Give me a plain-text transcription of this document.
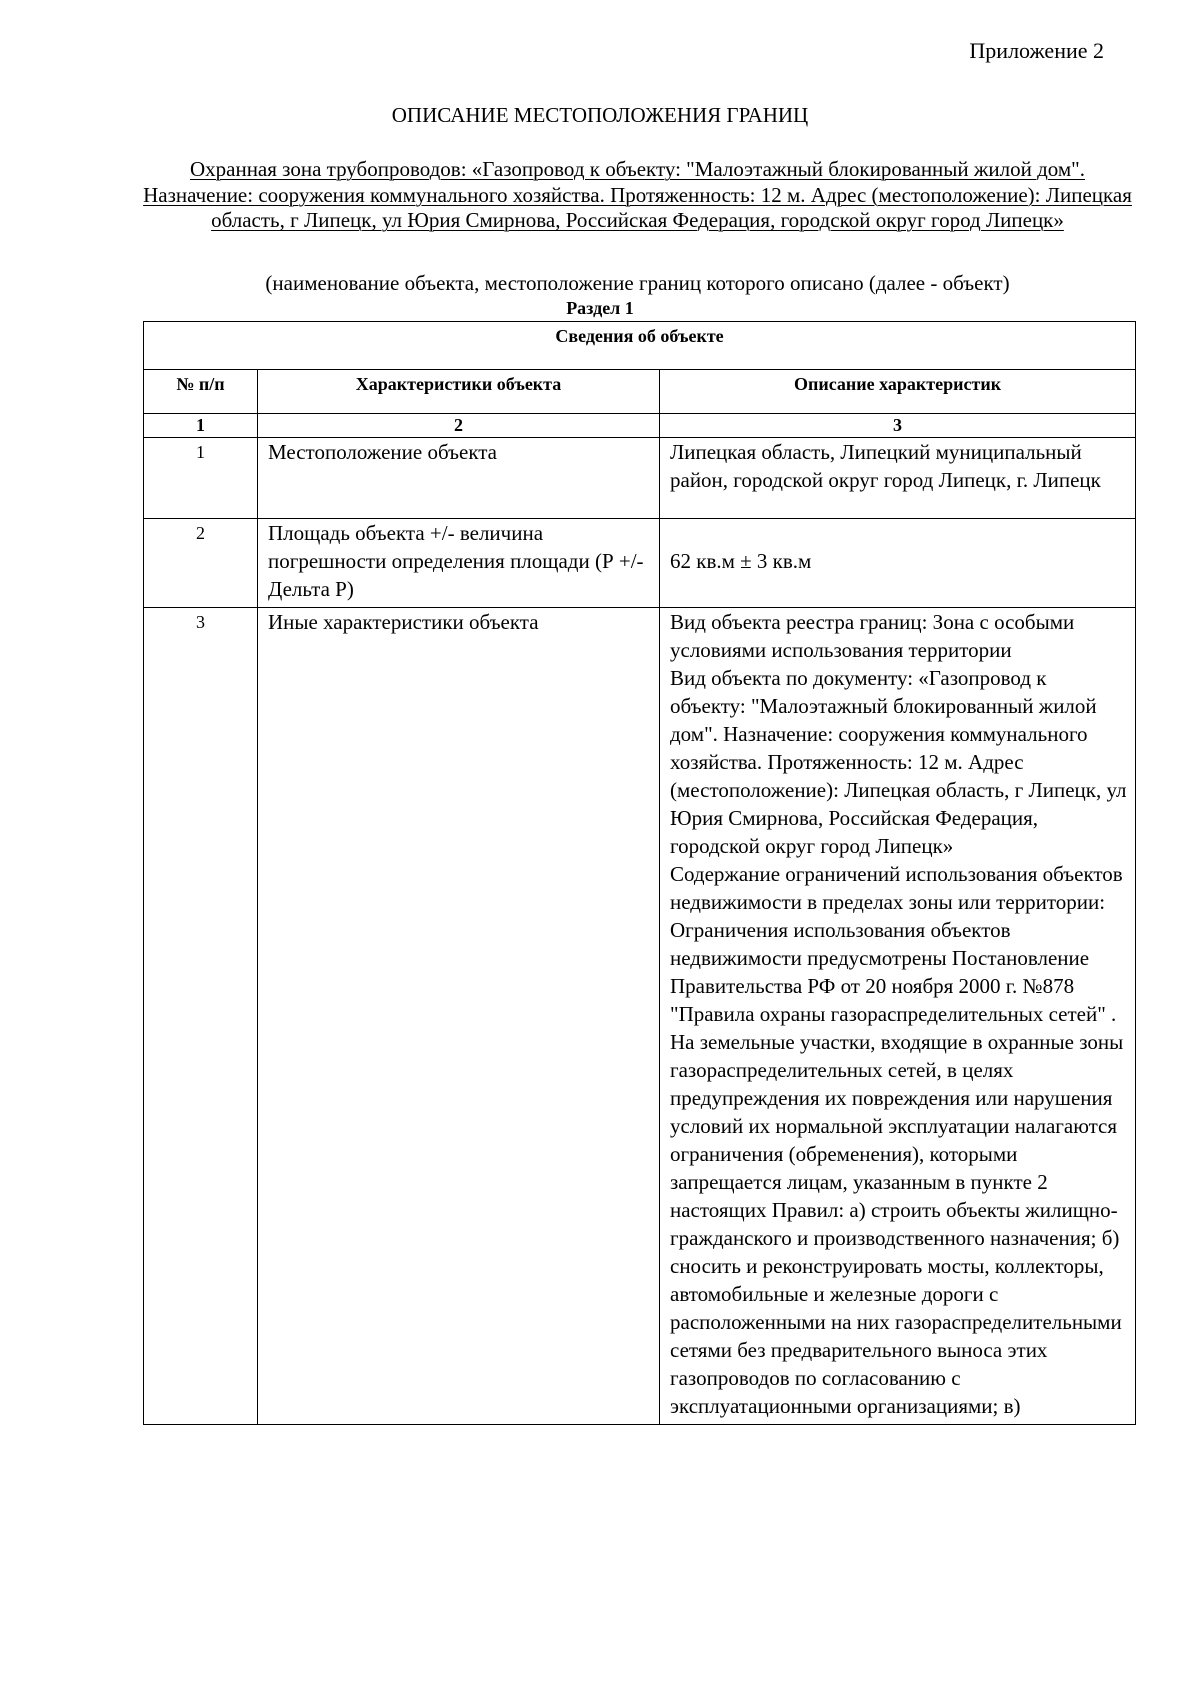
Приложение 2
ОПИСАНИЕ МЕСТОПОЛОЖЕНИЯ ГРАНИЦ
Охранная зона трубопроводов: «Газопровод к объекту: "Малоэтажный блокированный жилой дом". Назначение: сооружения коммунального хозяйства. Протяженность: 12 м. Адрес (местоположение): Липецкая область, г Липецк, ул Юрия Смирнова, Российская Федерация, городской округ город Липецк»
(наименование объекта, местоположение границ которого описано (далее - объект)
Раздел 1
Сведения об объекте		
№ п/п	Характеристики объекта	Описание характеристик
1	2	3
1	Местоположение объекта	Липецкая область, Липецкий муниципальный район, городской округ город Липецк, г. Липецк

2	Площадь объекта +/- величина погрешности определения площади (Р +/- Дельта Р)	62 кв.м ± 3 кв.м

3	Иные характеристики объекта	Вид объекта реестра границ: Зона с особыми условиями использования территории
Вид объекта по документу: «Газопровод к объекту: "Малоэтажный блокированный жилой дом". Назначение: сооружения коммунального хозяйства. Протяженность: 12 м. Адрес (местоположение): Липецкая область, г Липецк, ул Юрия Смирнова, Российская Федерация, городской округ город Липецк»
Содержание ограничений использования объектов недвижимости в пределах зоны или территории: Ограничения использования объектов недвижимости предусмотрены Постановление Правительства РФ от 20 ноября 2000 г. №878 "Правила охраны газораспределительных сетей" . На земельные участки, входящие в охранные зоны газораспределительных сетей, в целях предупреждения их повреждения или нарушения условий их нормальной эксплуатации налагаются ограничения (обременения), которыми запрещается лицам, указанным в пункте 2 настоящих Правил: а) строить объекты жилищно-гражданского и производственного назначения; б) сносить и реконструировать мосты, коллекторы, автомобильные и железные дороги с расположенными на них газораспределительными сетями без предварительного выноса этих газопроводов по согласованию с эксплуатационными организациями; в)
